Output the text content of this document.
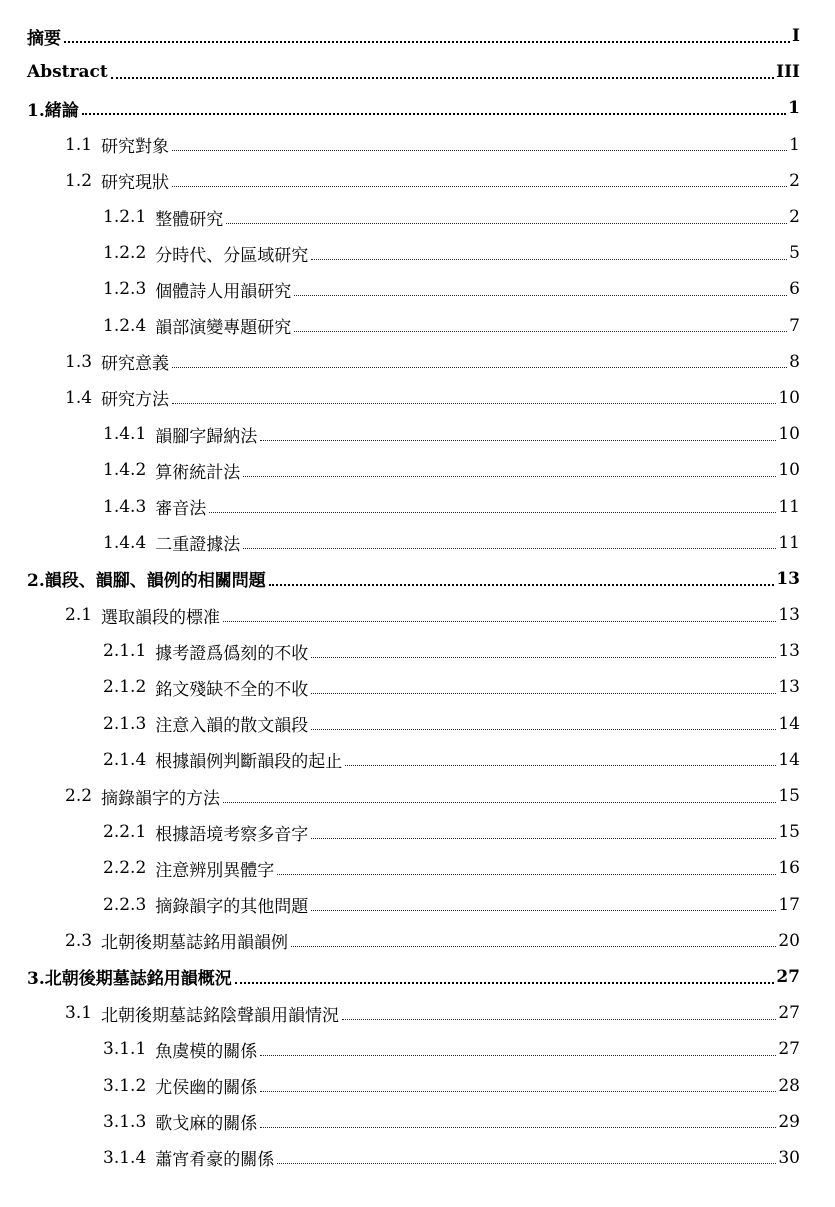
摘要	I
Abstract	III
1.緒論	1
1.1 研究對象	1
1.2 研究現狀	2
1.2.1 整體研究	2
1.2.2 分時代、分區域研究	5
1.2.3 個體詩人用韻研究	6
1.2.4 韻部演變專題研究	7
1.3 研究意義	8
1.4 研究方法	10
1.4.1 韻腳字歸納法	10
1.4.2 算術統計法	10
1.4.3 審音法	11
1.4.4 二重證據法	11
2.韻段、韻腳、韻例的相關問題	13
2.1 選取韻段的標准	13
2.1.1 據考證爲僞刻的不收	13
2.1.2 銘文殘缺不全的不收	13
2.1.3 注意入韻的散文韻段	14
2.1.4 根據韻例判斷韻段的起止	14
2.2 摘錄韻字的方法	15
2.2.1 根據語境考察多音字	15
2.2.2 注意辨別異體字	16
2.2.3 摘錄韻字的其他問題	17
2.3 北朝後期墓誌銘用韻韻例	20
3.北朝後期墓誌銘用韻概況	27
3.1 北朝後期墓誌銘陰聲韻用韻情況	27
3.1.1 魚虞模的關係	27
3.1.2 尤侯幽的關係	28
3.1.3 歌戈麻的關係	29
3.1.4 蕭宵肴豪的關係	30
